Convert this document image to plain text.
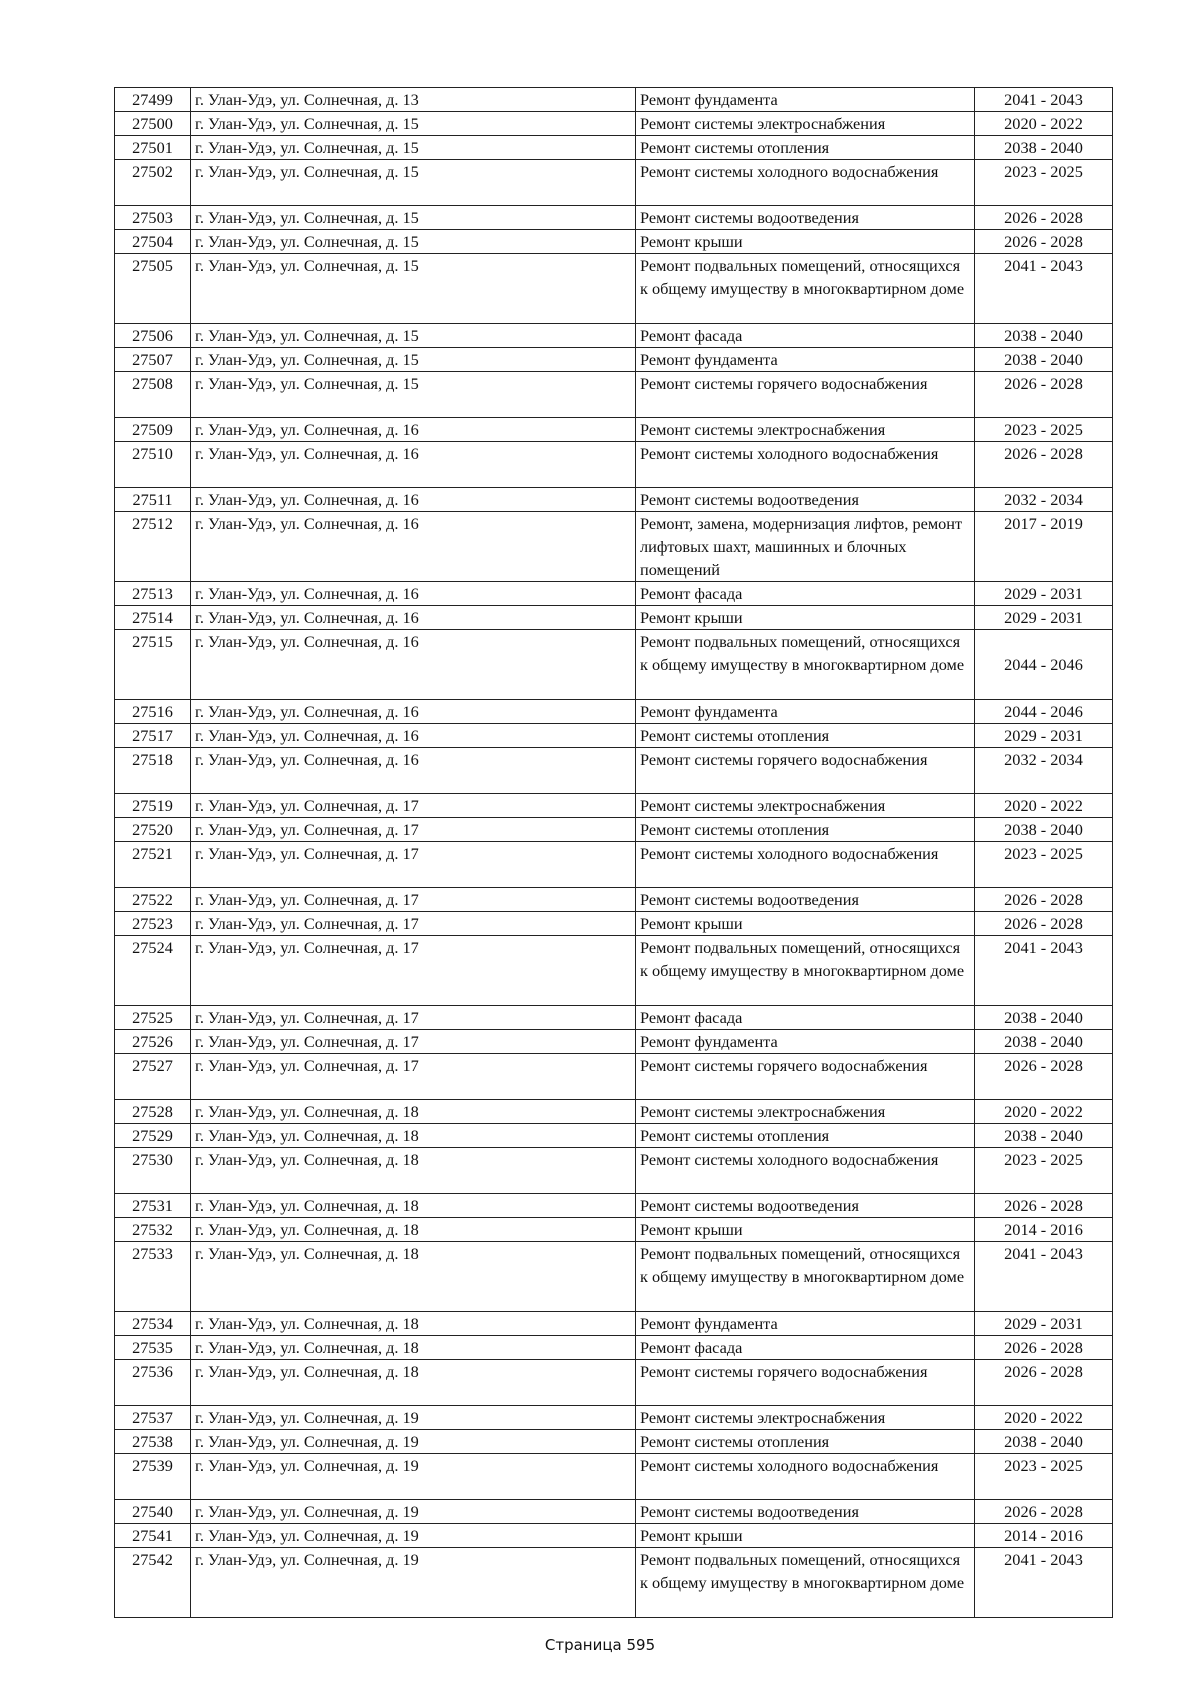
27499	г. Улан-Удэ, ул. Солнечная, д. 13	Ремонт фундамента	2041 - 2043
27500	г. Улан-Удэ, ул. Солнечная, д. 15	Ремонт системы электроснабжения	2020 - 2022
27501	г. Улан-Удэ, ул. Солнечная, д. 15	Ремонт системы отопления	2038 - 2040
27502	г. Улан-Удэ, ул. Солнечная, д. 15	Ремонт системы холодного водоснабжения	2023 - 2025
27503	г. Улан-Удэ, ул. Солнечная, д. 15	Ремонт системы водоотведения	2026 - 2028
27504	г. Улан-Удэ, ул. Солнечная, д. 15	Ремонт крыши	2026 - 2028
27505	г. Улан-Удэ, ул. Солнечная, д. 15	Ремонт подвальных помещений, относящихся к общему имуществу в многоквартирном доме	2041 - 2043
27506	г. Улан-Удэ, ул. Солнечная, д. 15	Ремонт фасада	2038 - 2040
27507	г. Улан-Удэ, ул. Солнечная, д. 15	Ремонт фундамента	2038 - 2040
27508	г. Улан-Удэ, ул. Солнечная, д. 15	Ремонт системы горячего водоснабжения	2026 - 2028
27509	г. Улан-Удэ, ул. Солнечная, д. 16	Ремонт системы электроснабжения	2023 - 2025
27510	г. Улан-Удэ, ул. Солнечная, д. 16	Ремонт системы холодного водоснабжения	2026 - 2028
27511	г. Улан-Удэ, ул. Солнечная, д. 16	Ремонт системы водоотведения	2032 - 2034
27512	г. Улан-Удэ, ул. Солнечная, д. 16	Ремонт, замена, модернизация лифтов, ремонт лифтовых шахт, машинных и блочных помещений	2017 - 2019
27513	г. Улан-Удэ, ул. Солнечная, д. 16	Ремонт фасада	2029 - 2031
27514	г. Улан-Удэ, ул. Солнечная, д. 16	Ремонт крыши	2029 - 2031
27515	г. Улан-Удэ, ул. Солнечная, д. 16	Ремонт подвальных помещений, относящихся к общему имуществу в многоквартирном доме	2044 - 2046
27516	г. Улан-Удэ, ул. Солнечная, д. 16	Ремонт фундамента	2044 - 2046
27517	г. Улан-Удэ, ул. Солнечная, д. 16	Ремонт системы отопления	2029 - 2031
27518	г. Улан-Удэ, ул. Солнечная, д. 16	Ремонт системы горячего водоснабжения	2032 - 2034
27519	г. Улан-Удэ, ул. Солнечная, д. 17	Ремонт системы электроснабжения	2020 - 2022
27520	г. Улан-Удэ, ул. Солнечная, д. 17	Ремонт системы отопления	2038 - 2040
27521	г. Улан-Удэ, ул. Солнечная, д. 17	Ремонт системы холодного водоснабжения	2023 - 2025
27522	г. Улан-Удэ, ул. Солнечная, д. 17	Ремонт системы водоотведения	2026 - 2028
27523	г. Улан-Удэ, ул. Солнечная, д. 17	Ремонт крыши	2026 - 2028
27524	г. Улан-Удэ, ул. Солнечная, д. 17	Ремонт подвальных помещений, относящихся к общему имуществу в многоквартирном доме	2041 - 2043
27525	г. Улан-Удэ, ул. Солнечная, д. 17	Ремонт фасада	2038 - 2040
27526	г. Улан-Удэ, ул. Солнечная, д. 17	Ремонт фундамента	2038 - 2040
27527	г. Улан-Удэ, ул. Солнечная, д. 17	Ремонт системы горячего водоснабжения	2026 - 2028
27528	г. Улан-Удэ, ул. Солнечная, д. 18	Ремонт системы электроснабжения	2020 - 2022
27529	г. Улан-Удэ, ул. Солнечная, д. 18	Ремонт системы отопления	2038 - 2040
27530	г. Улан-Удэ, ул. Солнечная, д. 18	Ремонт системы холодного водоснабжения	2023 - 2025
27531	г. Улан-Удэ, ул. Солнечная, д. 18	Ремонт системы водоотведения	2026 - 2028
27532	г. Улан-Удэ, ул. Солнечная, д. 18	Ремонт крыши	2014 - 2016
27533	г. Улан-Удэ, ул. Солнечная, д. 18	Ремонт подвальных помещений, относящихся к общему имуществу в многоквартирном доме	2041 - 2043
27534	г. Улан-Удэ, ул. Солнечная, д. 18	Ремонт фундамента	2029 - 2031
27535	г. Улан-Удэ, ул. Солнечная, д. 18	Ремонт фасада	2026 - 2028
27536	г. Улан-Удэ, ул. Солнечная, д. 18	Ремонт системы горячего водоснабжения	2026 - 2028
27537	г. Улан-Удэ, ул. Солнечная, д. 19	Ремонт системы электроснабжения	2020 - 2022
27538	г. Улан-Удэ, ул. Солнечная, д. 19	Ремонт системы отопления	2038 - 2040
27539	г. Улан-Удэ, ул. Солнечная, д. 19	Ремонт системы холодного водоснабжения	2023 - 2025
27540	г. Улан-Удэ, ул. Солнечная, д. 19	Ремонт системы водоотведения	2026 - 2028
27541	г. Улан-Удэ, ул. Солнечная, д. 19	Ремонт крыши	2014 - 2016
27542	г. Улан-Удэ, ул. Солнечная, д. 19	Ремонт подвальных помещений, относящихся к общему имуществу в многоквартирном доме	2041 - 2043
Страница 595
